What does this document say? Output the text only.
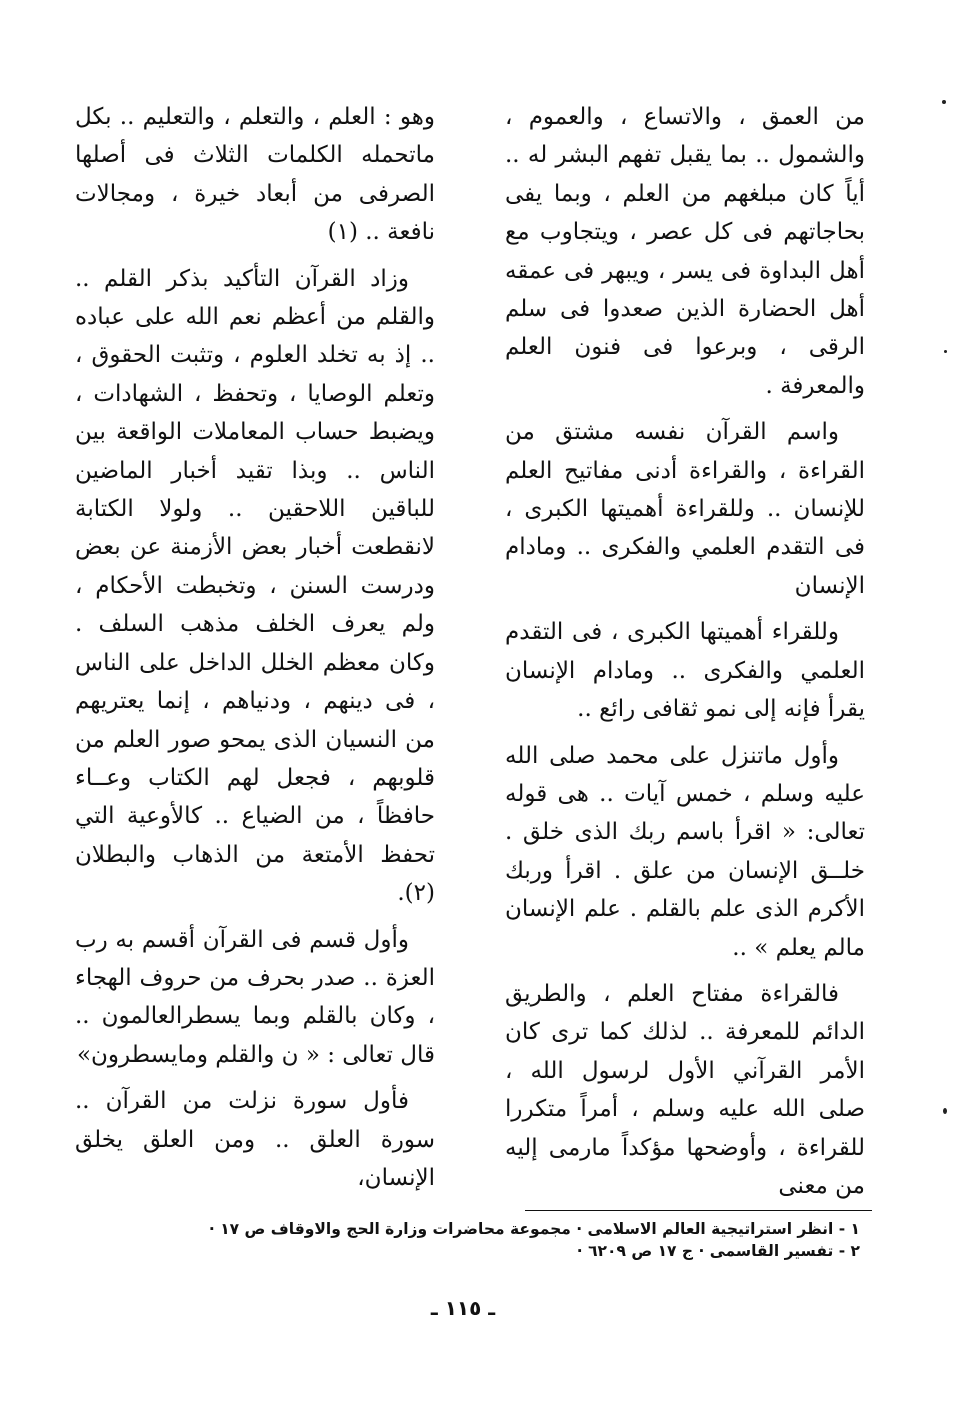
من العمق ، والاتساع ، والعموم ، والشمول .. بما يقبل تفهم البشر له .. أياً كان مبلغهم من العلم ، وبما يفى بحاجاتهم فى كل عصر ، ويتجاوب مع أهل البداوة فى يسر ، ويبهر فى عمقه أهل الحضارة الذين صعدوا فى سلم الرقى ، وبرعوا فى فنون العلم والمعرفة .

واسم القرآن نفسه مشتق من القراءة ، والقراءة أدنى مفاتيح العلم للإنسان .. وللقراءة أهميتها الكبرى ، فى التقدم العلمي والفكرى .. ومادام الإنسان

وللقراء أهميتها الكبرى ، فى التقدم العلمي والفكرى .. ومادام الإنسان يقرأ فإنه إلى نمو ثقافى رائع ..

وأول ماتنزل على محمد صلى الله عليه وسلم ، خمس آيات .. هى قوله تعالى: « اقرأ باسم ربك الذى خلق . خلــق الإنسان من علق . اقرأ وربك الأكرم الذى علم بالقلم . علم الإنسان مالم يعلم » ..

فالقراءة مفتاح العلم ، والطريق الدائم للمعرفة .. لذلك كما ترى كان الأمر القرآني الأول لرسول الله ، صلى الله عليه وسلم ، أمراً متكررا للقراءة ، وأوضحها مؤكداً مارمى إليه من معنى

وهو : العلم ، والتعلم ، والتعليم .. بكل ماتحمله الكلمات الثلاث فى أصلها الصرفى من أبعاد خيرة ، ومجالات نافعة .. (١)

وزاد القرآن التأكيد بذكر القلم .. والقلم من أعظم نعم الله على عباده .. إذ به تخلد العلوم ، وتثبت الحقوق ، وتعلم الوصايا ، وتحفظ ، الشهادات ، ويضبط حساب المعاملات الواقعة بين الناس .. وبذا تقيد أخبار الماضين للباقين اللاحقين .. ولولا الكتابة لانقطعت أخبار بعض الأزمنة عن بعض ودرست السنن ، وتخبطت الأحكام ، ولم يعرف الخلف مذهب السلف . وكان معظم الخلل الداخل على الناس ، فى دينهم ، ودنياهم ، إنما يعتريهم من النسيان الذى يمحو صور العلم من قلوبهم ، فجعل لهم الكتاب وعــاء حافظاً ، من الضياع .. كالأوعية التي تحفظ الأمتعة من الذهاب والبطلان (٢).

وأول قسم فى القرآن أقسم به رب العزة .. صدر بحرف من حروف الهجاء ، وكان بالقلم وبما يسطرالعالمون .. قال تعالى : « ن والقلم ومايسطرون»

فأول سورة نزلت من القرآن .. سورة العلق .. ومن العلق يخلق الإنسان،

١ - انظر استراتيجية العالم الاسلامى · مجموعة محاضرات وزارة الحج والاوقاف ص ١٧ ·
٢ - تفسير القاسمى · ج ١٧ ص ٦٢٠٩ ·
ـ ١١٥ ـ
